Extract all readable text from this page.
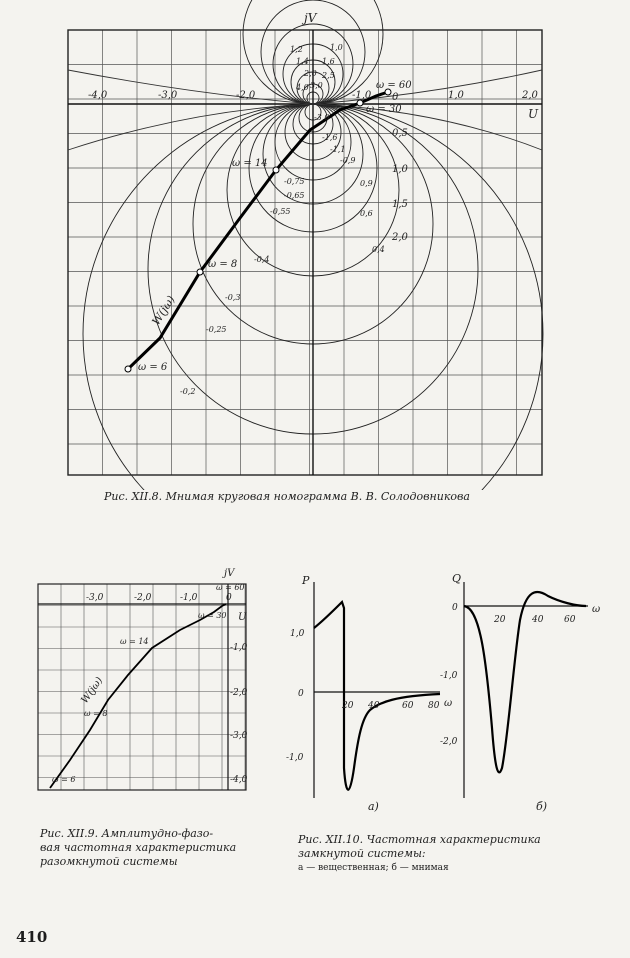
U
jV
-4,0	-3,0	-2,0	-1,0	1,0	2,0
0,5
1,0
1,5
2,0
1,0
1,2
1,4 1,6
2,0 2,5
3,0
4,0
-3,0
-1,6
-1,1
-0,9
-0,75
-0,65
-0,55
-0,4
-0,3
-0,25
-0,2
0,9
0,6
0,4
ω = 60
ω = 30
ω = 14
ω = 8
ω = 6
0
W(jω)
Рис. XII.8. Мнимая круговая номограмма В. В. Солодовникова
jV
U
-3,0	-2,0	-1,0	0
-1,0
-2,0
-3,0
-4,0
ω = 60
ω = 30
ω = 14
ω = 8
ω = 6
W(jω)
Рис. XII.9. Амплитудно-фазо-
вая частотная характеристика
разомкнутой системы
P
ω
1,0
0
-1,0
20 40	60 80
а)
Q
ω
0
-1,0
-2,0
20	40 60
б)
Рис. XII.10. Частотная характеристика
замкнутой системы:
а — вещественная; б — мнимая
410
